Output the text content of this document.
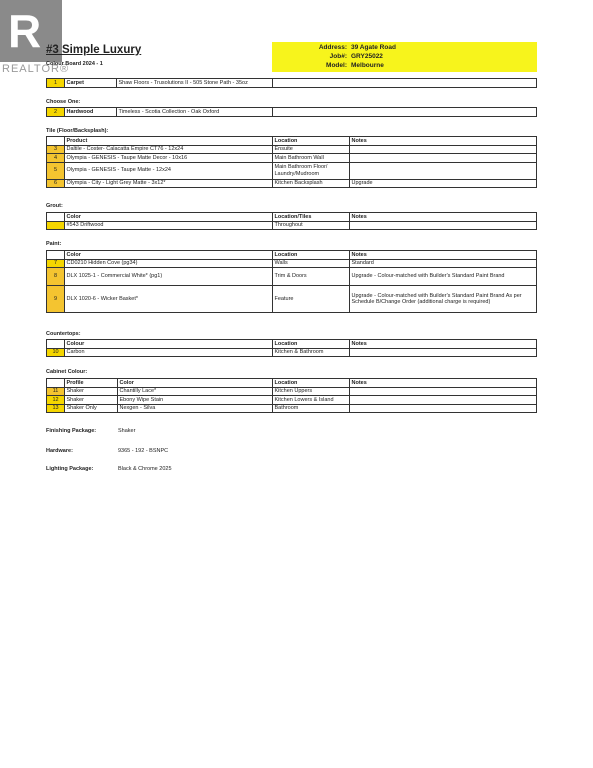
R
REALTOR®
#3 Simple Luxury
Colour Board 2024 - 1
Address: 39 Agate Road
Job#: GRY25022
Model: Melbourne
1	Carpet	Shaw Floors - Trusolutions II - 505 Stone Path - 35oz	
Choose One:
2	Hardwood	Timeless - Scotia Collection - Oak Oxford	
Tile (Floor/Backsplash):
	Product	Location	Notes
3	Daltile - Coster- Calacatta Empire CT76 - 12x24	Ensuite	
4	Olympia - GENESIS - Taupe Matte Decor - 10x16	Main Bathroom Wall	
5	Olympia - GENESIS - Taupe Matte - 12x24	Main Bathroom Floor/ Laundry/Mudroom	
6	Olympia - City - Light Grey Matte - 3x12*	Kitchen Backsplash	Upgrade
Grout:
	Color	Location/Tiles	Notes
	#543 Driftwood	Throughout	
Paint:
	Color	Location	Notes
7	CD0210 Hidden Cove (pg34)	Walls	Standard
8	DLX 1025-1 - Commercial White* (pg1)	Trim & Doors	Upgrade - Colour-matched with Builder's Standard Paint Brand
9	DLX 1020-6 - Wicker Basket*	Feature	Upgrade - Colour-matched with Builder's Standard Paint Brand As per Schedule B/Change Order (additional charge is required)
Countertops:
	Colour	Location	Notes
10	Carbon	Kitchen & Bathroom	
Cabinet Colour:
	Profile	Color	Location	Notes
11	Shaker	Chantilly Lace*	Kitchen Uppers	
12	Shaker	Ebony Wipe Stain	Kitchen Lowers & Island	
13	Shaker Only	Nexgen - Silva	Bathroom	
Finishing Package:	Shaker
Hardware:	9365 - 192 - BSNPC
Lighting Package:	Black & Chrome 2025
